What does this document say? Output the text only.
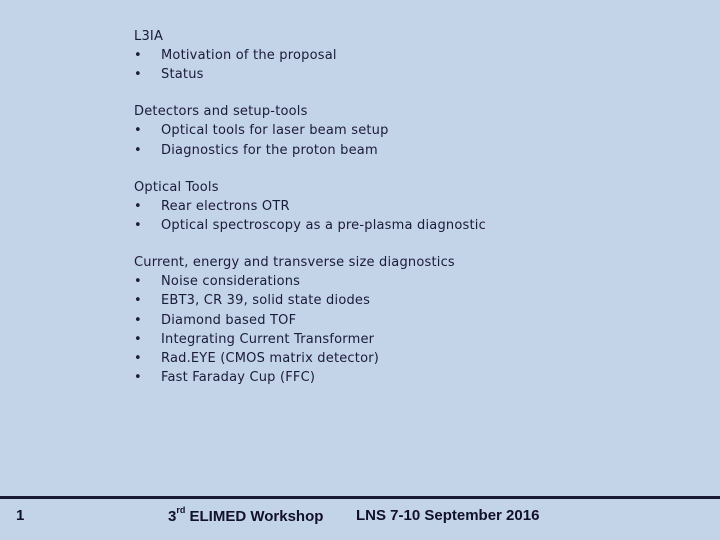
L3IA
• Motivation of the proposal
• Status
Detectors and setup-tools
• Optical tools for laser beam setup
• Diagnostics for the proton beam
Optical Tools
• Rear electrons OTR
• Optical spectroscopy as a pre-plasma diagnostic
Current, energy and transverse size diagnostics
• Noise considerations
• EBT3, CR 39, solid state diodes
• Diamond based TOF
• Integrating Current Transformer
• Rad.EYE (CMOS matrix detector)
• Fast Faraday Cup (FFC)
1	3rd ELIMED Workshop LNS 7-10 September 2016
